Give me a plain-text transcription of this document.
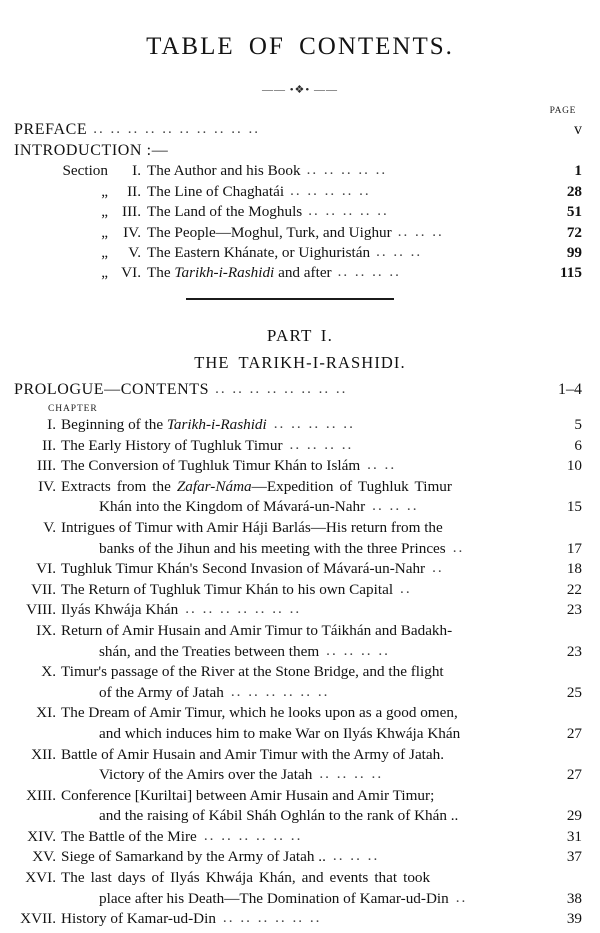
TABLE OF CONTENTS.
—— •❖• ——
PAGE
PREFACE .. .. .. .. .. .. .. .. .. ..	v
INTRODUCTION :—
Section	I. The Author and his Book .. .. .. .. ..	1
„	II. The Line of Chaghatái .. .. .. .. ..	28
„ III. The Land of the Moghuls .. .. .. .. ..	51
„ IV. The People—Moghul, Turk, and Uighur .. .. ..	72
„	V. The Eastern Khánate, or Uighuristán .. .. ..	99
„ VI. The Tarikh-i-Rashidi and after .. .. .. ..	115
PART I.
THE TARIKH-I-RASHIDI.
PROLOGUE—CONTENTS .. .. .. .. .. .. .. ..	1–4
CHAPTER
I. Beginning of the Tarikh-i-Rashidi .. .. .. .. ..	5
II. The Early History of Tughluk Timur .. .. .. ..	6
III. The Conversion of Tughluk Timur Khán to Islám .. ..	10
IV. Extracts from the Zafar-Náma—Expedition of Tughluk Timur
Khán into the Kingdom of Mávará-un-Nahr .. .. ..	15
V. Intrigues of Timur with Amir Háji Barlás—His return from the
banks of the Jihun and his meeting with the three Princes ..	17
VI. Tughluk Timur Khán's Second Invasion of Mávará-un-Nahr ..	18
VII. The Return of Tughluk Timur Khán to his own Capital ..	22
VIII. Ilyás Khwája Khán .. .. .. .. .. .. ..	23
IX. Return of Amir Husain and Amir Timur to Táikhán and Badakh-
shán, and the Treaties between them .. .. .. ..	23
X. Timur's passage of the River at the Stone Bridge, and the flight
of the Army of Jatah .. .. .. .. .. ..	25
XI. The Dream of Amir Timur, which he looks upon as a good omen,
and which induces him to make War on Ilyás Khwája Khán	27
XII. Battle of Amir Husain and Amir Timur with the Army of Jatah.
Victory of the Amirs over the Jatah .. .. .. ..	27
XIII. Conference [Kuriltai] between Amir Husain and Amir Timur;
and the raising of Kábil Sháh Oghlán to the rank of Khán ..	29
XIV. The Battle of the Mire .. .. .. .. .. ..	31
XV. Siege of Samarkand by the Army of Jatah .. .. .. ..	37
XVI. The last days of Ilyás Khwája Khán, and events that took
place after his Death—The Domination of Kamar-ud-Din ..	38
XVII. History of Kamar-ud-Din .. .. .. .. .. ..	39
